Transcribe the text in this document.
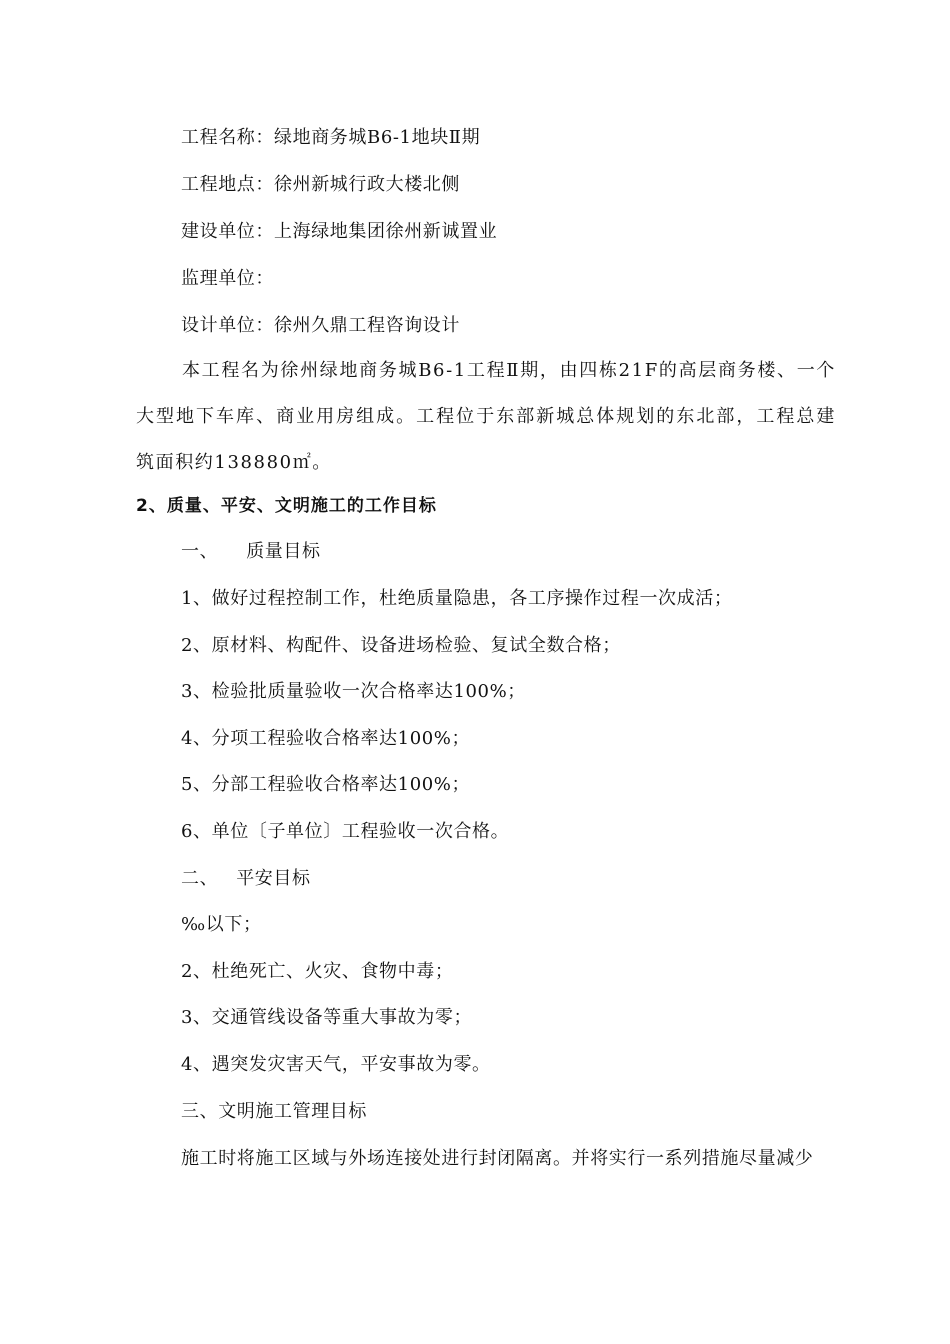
工程名称：绿地商务城B6-1地块Ⅱ期
工程地点：徐州新城行政大楼北侧
建设单位：上海绿地集团徐州新诚置业
监理单位：
设计单位：徐州久鼎工程咨询设计
本工程名为徐州绿地商务城B6-1工程Ⅱ期，由四栋21F的高层商务楼、一个大型地下车库、商业用房组成。工程位于东部新城总体规划的东北部，工程总建筑面积约138880㎡。
2、质量、平安、文明施工的工作目标
一、 质量目标
1、做好过程控制工作，杜绝质量隐患，各工序操作过程一次成活；
2、原材料、构配件、设备进场检验、复试全数合格；
3、检验批质量验收一次合格率达100%；
4、分项工程验收合格率达100%；
5、分部工程验收合格率达100%；
6、单位〔子单位〕工程验收一次合格。
二、 平安目标
‰以下；
2、杜绝死亡、火灾、食物中毒；
3、交通管线设备等重大事故为零；
4、遇突发灾害天气，平安事故为零。
三、文明施工管理目标
施工时将施工区域与外场连接处进行封闭隔离。并将实行一系列措施尽量减少
